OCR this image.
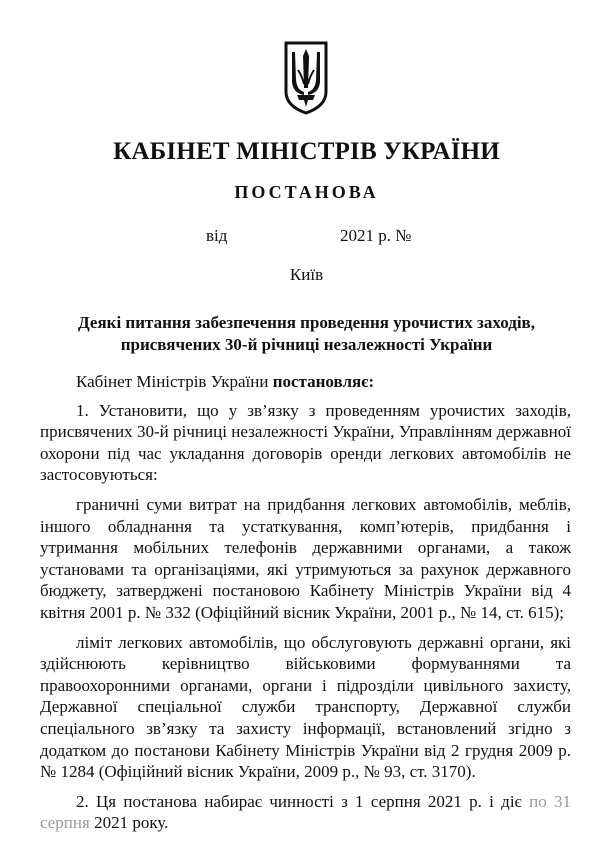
КАБІНЕТ МІНІСТРІВ УКРАЇНИ
ПОСТАНОВА
від	2021 р. №
Київ
Деякі питання забезпечення проведення урочистих заходів,
присвячених 30-й річниці незалежності України

Кабінет Міністрів України постановляє:

1. Установити, що у зв’язку з проведенням урочистих заходів, присвячених 30-й річниці незалежності України, Управлінням державної охорони під час укладання договорів оренди легкових автомобілів не застосовуються:

граничні суми витрат на придбання легкових автомобілів, меблів, іншого обладнання та устаткування, комп’ютерів, придбання і утримання мобільних телефонів державними органами, а також установами та організаціями, які утримуються за рахунок державного бюджету, затверджені постановою Кабінету Міністрів України від 4 квітня 2001 р. № 332 (Офіційний вісник України, 2001 р., № 14, ст. 615);

ліміт легкових автомобілів, що обслуговують державні органи, які здійснюють керівництво військовими формуваннями та правоохоронними органами, органи і підрозділи цивільного захисту, Державної спеціальної служби транспорту, Державної служби спеціального зв’язку та захисту інформації, встановлений згідно з додатком до постанови Кабінету Міністрів України від 2 грудня 2009 р. № 1284 (Офіційний вісник України, 2009 р., № 93, ст. 3170).

2. Ця постанова набирає чинності з 1 серпня 2021 р. і діє по 31 серпня 2021 року.
